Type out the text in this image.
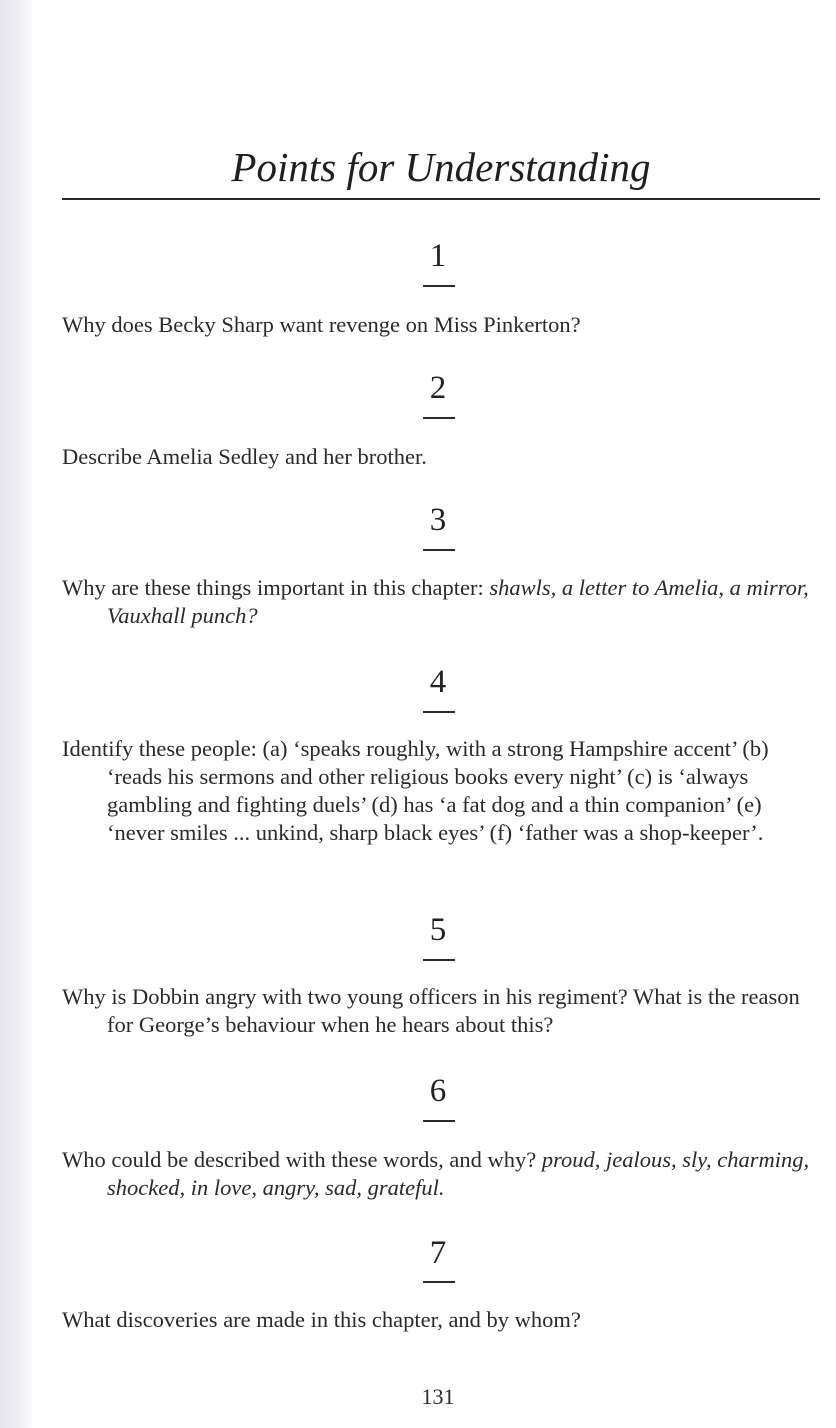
Points for Understanding
1

Why does Becky Sharp want revenge on Miss Pinkerton?

2

Describe Amelia Sedley and her brother.

3

Why are these things important in this chapter: shawls, a letter to Amelia, a mirror, Vauxhall punch?

4

Identify these people: (a) ‘speaks roughly, with a strong Hampshire accent’ (b) ‘reads his sermons and other religious books every night’ (c) is ‘always gambling and fighting duels’ (d) has ‘a fat dog and a thin companion’ (e) ‘never smiles ... unkind, sharp black eyes’ (f) ‘father was a shop-keeper’.

5

Why is Dobbin angry with two young officers in his regiment? What is the reason for George’s behaviour when he hears about this?

6

Who could be described with these words, and why? proud, jealous, sly, charming, shocked, in love, angry, sad, grateful.

7

What discoveries are made in this chapter, and by whom?

131
